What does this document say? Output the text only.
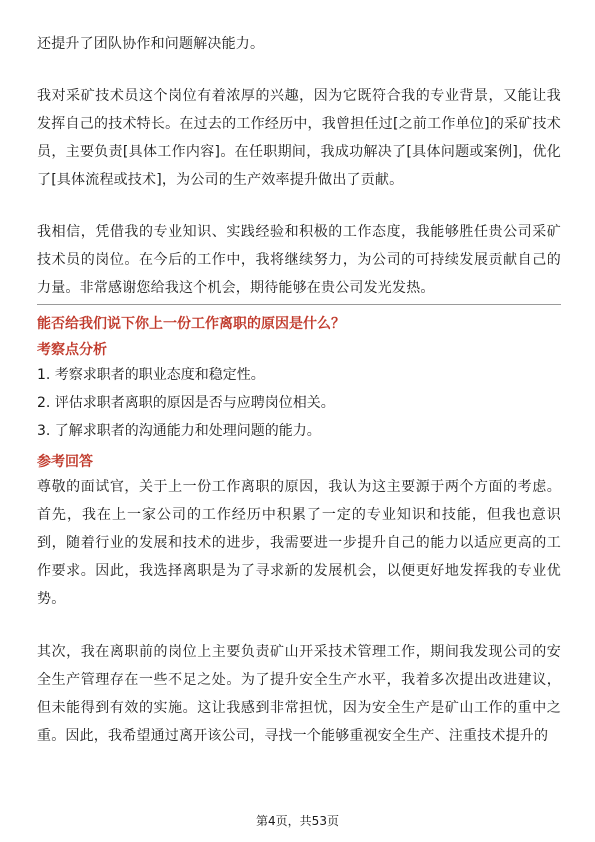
还提升了团队协作和问题解决能力。

我对采矿技术员这个岗位有着浓厚的兴趣，因为它既符合我的专业背景，又能让我发挥自己的技术特长。在过去的工作经历中，我曾担任过[之前工作单位]的采矿技术员，主要负责[具体工作内容]。在任职期间，我成功解决了[具体问题或案例]，优化了[具体流程或技术]，为公司的生产效率提升做出了贡献。

我相信，凭借我的专业知识、实践经验和积极的工作态度，我能够胜任贵公司采矿技术员的岗位。在今后的工作中，我将继续努力，为公司的可持续发展贡献自己的力量。非常感谢您给我这个机会，期待能够在贵公司发光发热。

能否给我们说下你上一份工作离职的原因是什么？

考察点分析

1. 考察求职者的职业态度和稳定性。

2. 评估求职者离职的原因是否与应聘岗位相关。

3. 了解求职者的沟通能力和处理问题的能力。

参考回答

尊敬的面试官，关于上一份工作离职的原因，我认为这主要源于两个方面的考虑。首先，我在上一家公司的工作经历中积累了一定的专业知识和技能，但我也意识到，随着行业的发展和技术的进步，我需要进一步提升自己的能力以适应更高的工作要求。因此，我选择离职是为了寻求新的发展机会，以便更好地发挥我的专业优势。

其次，我在离职前的岗位上主要负责矿山开采技术管理工作，期间我发现公司的安全生产管理存在一些不足之处。为了提升安全生产水平，我着多次提出改进建议，但未能得到有效的实施。这让我感到非常担忧，因为安全生产是矿山工作的重中之重。因此，我希望通过离开该公司，寻找一个能够重视安全生产、注重技术提升的

第4页，共53页
